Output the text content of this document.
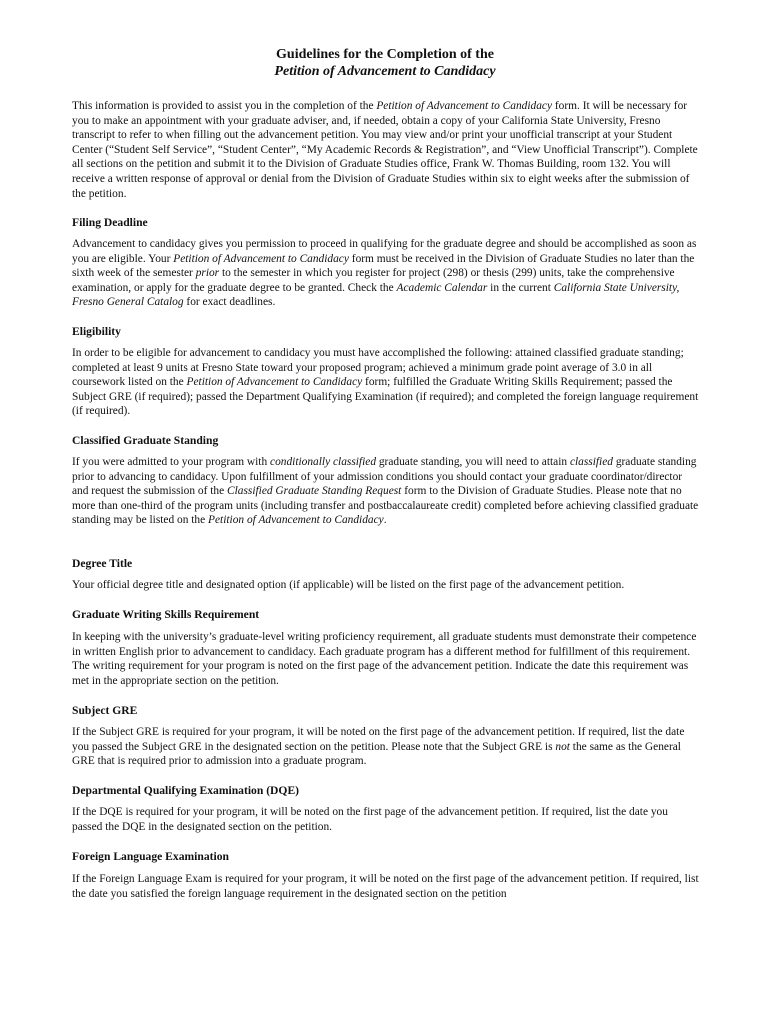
Guidelines for the Completion of the
Petition of Advancement to Candidacy

This information is provided to assist you in the completion of the Petition of Advancement to Candidacy form. It will be necessary for you to make an appointment with your graduate adviser, and, if needed, obtain a copy of your California State University, Fresno transcript to refer to when filling out the advancement petition. You may view and/or print your unofficial transcript at your Student Center (“Student Self Service”, “Student Center”, “My Academic Records & Registration”, and “View Unofficial Transcript”). Complete all sections on the petition and submit it to the Division of Graduate Studies office, Frank W. Thomas Building, room 132. You will receive a written response of approval or denial from the Division of Graduate Studies within six to eight weeks after the submission of the petition.

Filing Deadline

Advancement to candidacy gives you permission to proceed in qualifying for the graduate degree and should be accomplished as soon as you are eligible. Your Petition of Advancement to Candidacy form must be received in the Division of Graduate Studies no later than the sixth week of the semester prior to the semester in which you register for project (298) or thesis (299) units, take the comprehensive examination, or apply for the graduate degree to be granted. Check the Academic Calendar in the current California State University, Fresno General Catalog for exact deadlines.

Eligibility

In order to be eligible for advancement to candidacy you must have accomplished the following: attained classified graduate standing; completed at least 9 units at Fresno State toward your proposed program; achieved a minimum grade point average of 3.0 in all coursework listed on the Petition of Advancement to Candidacy form; fulfilled the Graduate Writing Skills Requirement; passed the Subject GRE (if required); passed the Department Qualifying Examination (if required); and completed the foreign language requirement (if required).

Classified Graduate Standing

If you were admitted to your program with conditionally classified graduate standing, you will need to attain classified graduate standing prior to advancing to candidacy. Upon fulfillment of your admission conditions you should contact your graduate coordinator/director and request the submission of the Classified Graduate Standing Request form to the Division of Graduate Studies. Please note that no more than one-third of the program units (including transfer and postbaccalaureate credit) completed before achieving classified graduate standing may be listed on the Petition of Advancement to Candidacy.

Degree Title

Your official degree title and designated option (if applicable) will be listed on the first page of the advancement petition.

Graduate Writing Skills Requirement

In keeping with the university’s graduate-level writing proficiency requirement, all graduate students must demonstrate their competence in written English prior to advancement to candidacy. Each graduate program has a different method for fulfillment of this requirement. The writing requirement for your program is noted on the first page of the advancement petition. Indicate the date this requirement was met in the appropriate section on the petition.

Subject GRE

If the Subject GRE is required for your program, it will be noted on the first page of the advancement petition. If required, list the date you passed the Subject GRE in the designated section on the petition. Please note that the Subject GRE is not the same as the General GRE that is required prior to admission into a graduate program.

Departmental Qualifying Examination (DQE)

If the DQE is required for your program, it will be noted on the first page of the advancement petition. If required, list the date you passed the DQE in the designated section on the petition.

Foreign Language Examination

If the Foreign Language Exam is required for your program, it will be noted on the first page of the advancement petition. If required, list the date you satisfied the foreign language requirement in the designated section on the petition
